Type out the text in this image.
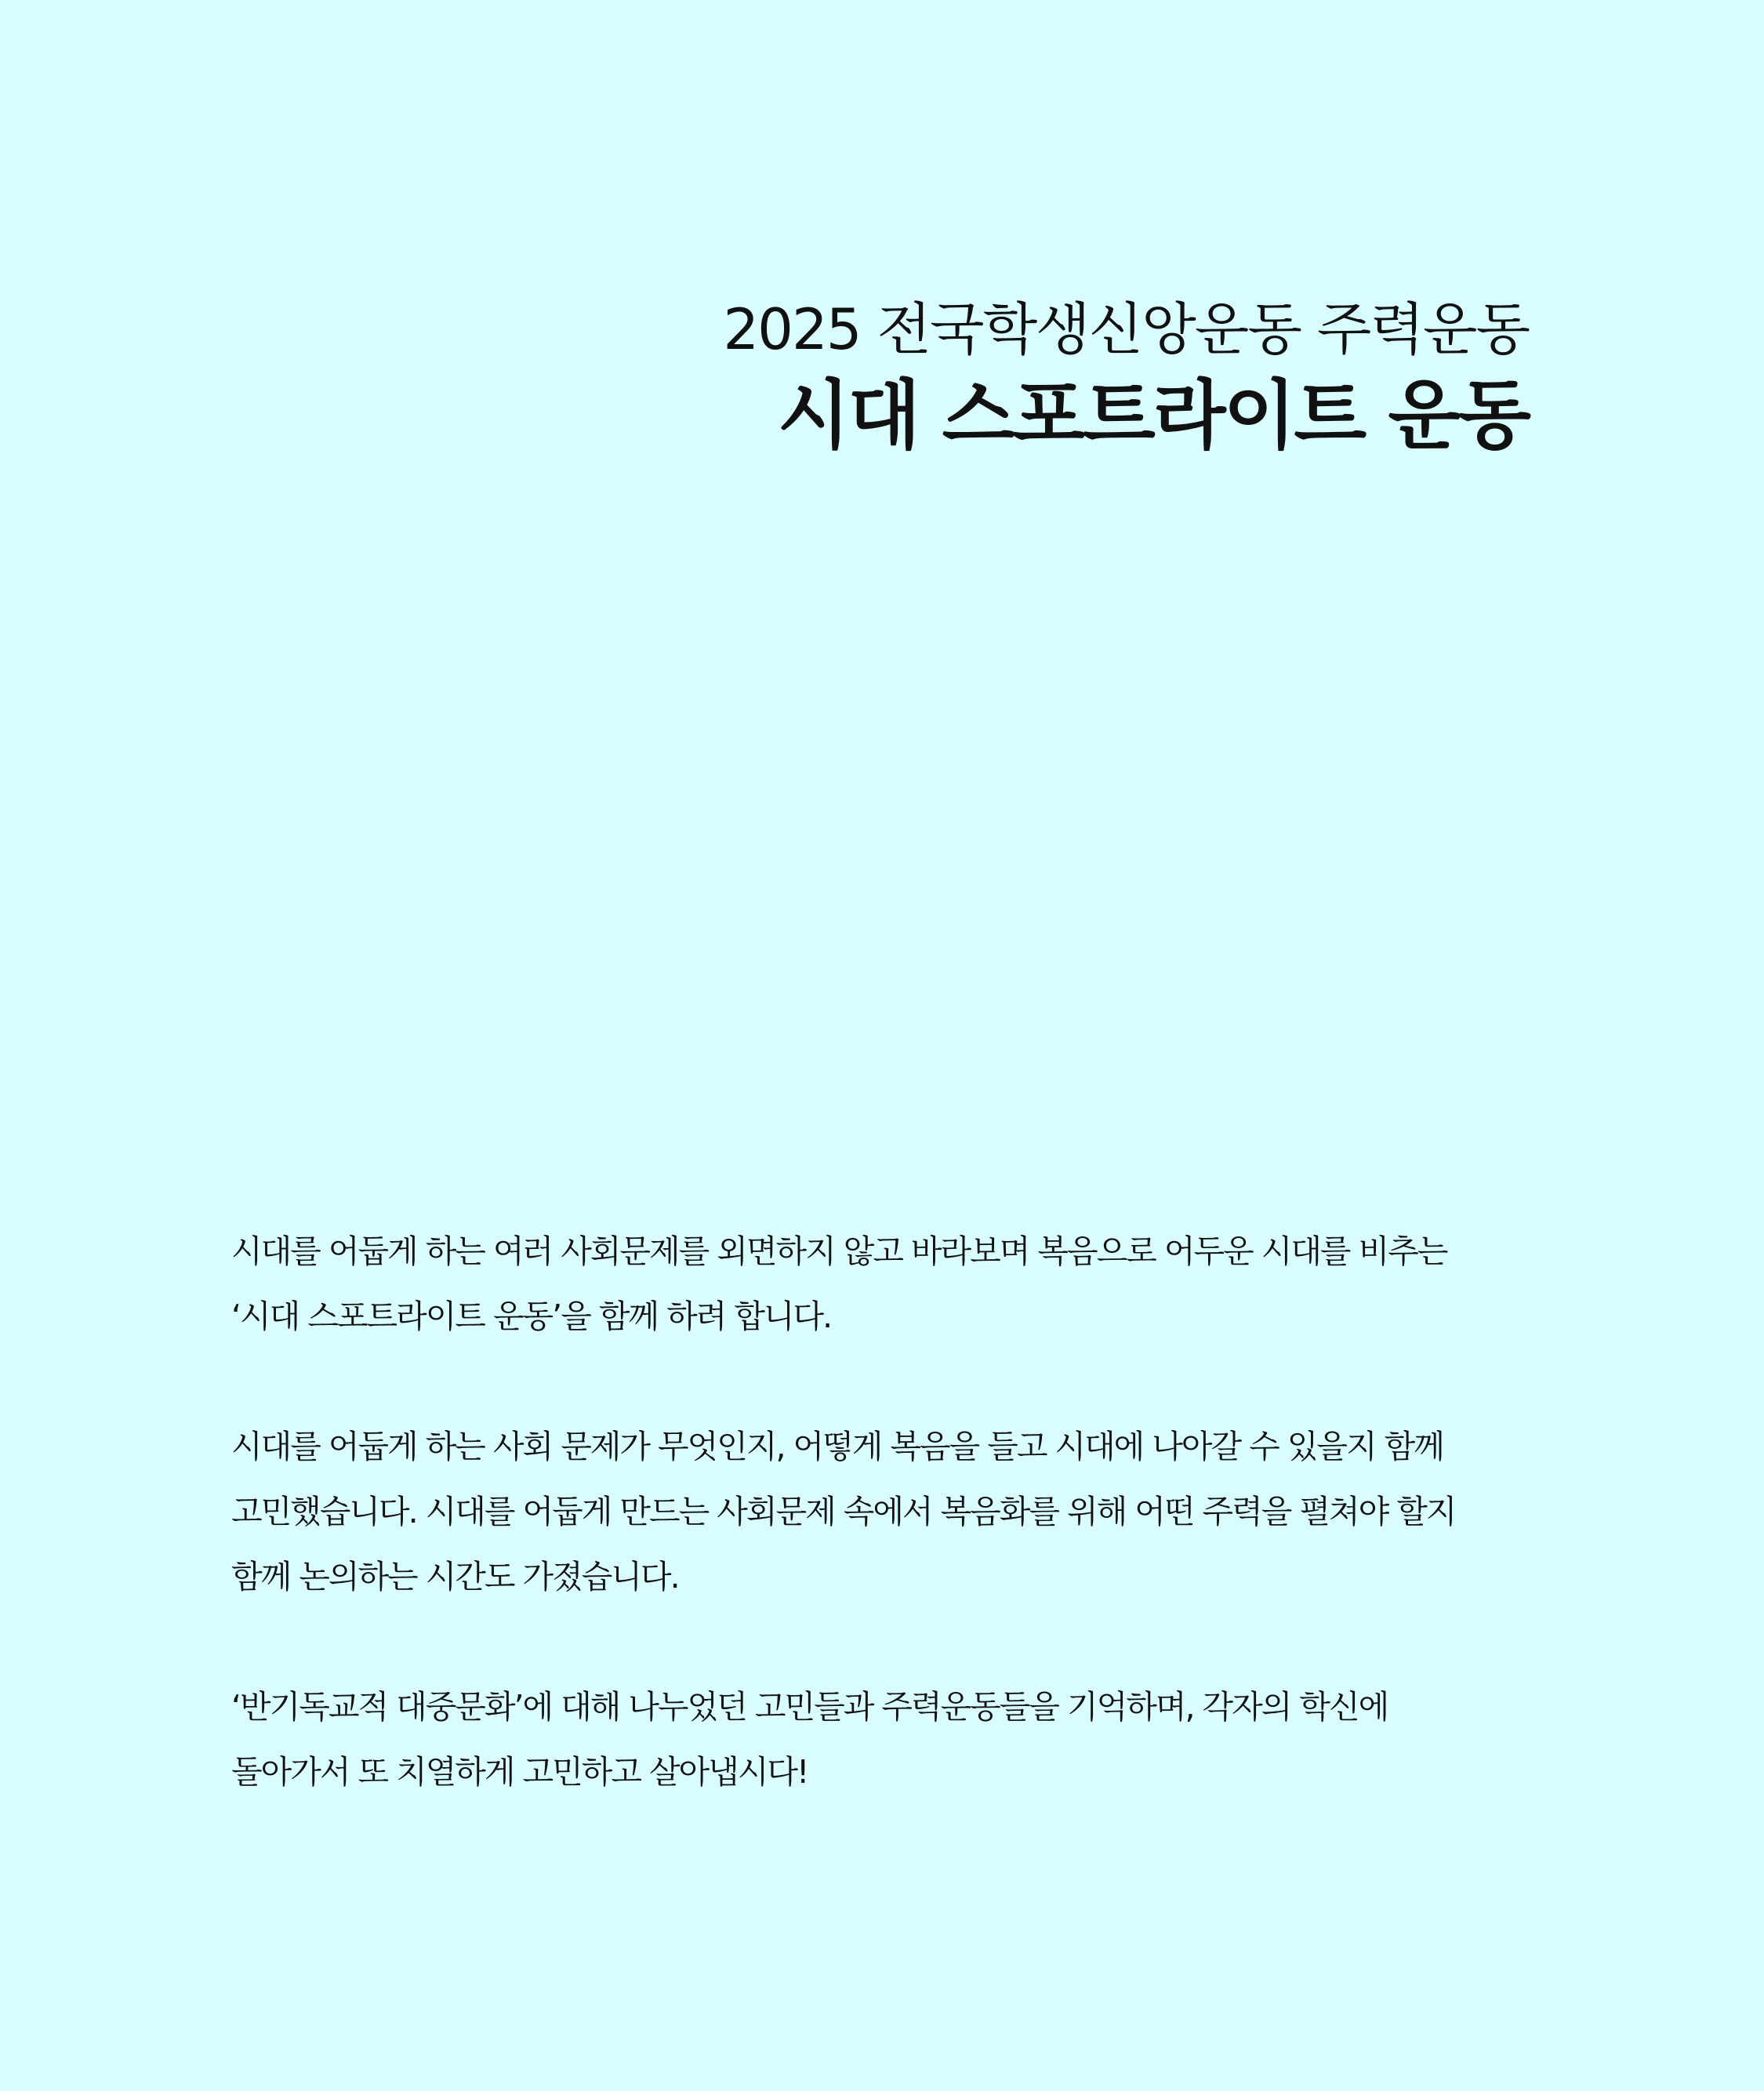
2025 전국학생신앙운동 주력운동
시대 스포트라이트 운동
시대를 어둡게 하는 여러 사회문제를 외면하지 않고 바라보며 복음으로 어두운 시대를 비추는
‘시대 스포트라이트 운동’을 함께 하려 합니다.
시대를 어둡게 하는 사회 문제가 무엇인지, 어떻게 복음을 들고 시대에 나아갈 수 있을지 함께
고민했습니다. 시대를 어둡게 만드는 사회문제 속에서 복음화를 위해 어떤 주력을 펼쳐야 할지
함께 논의하는 시간도 가졌습니다.
‘반기독교적 대중문화’에 대해 나누었던 고민들과 주력운동들을 기억하며, 각자의 학신에
돌아가서 또 치열하게 고민하고 살아냅시다!
